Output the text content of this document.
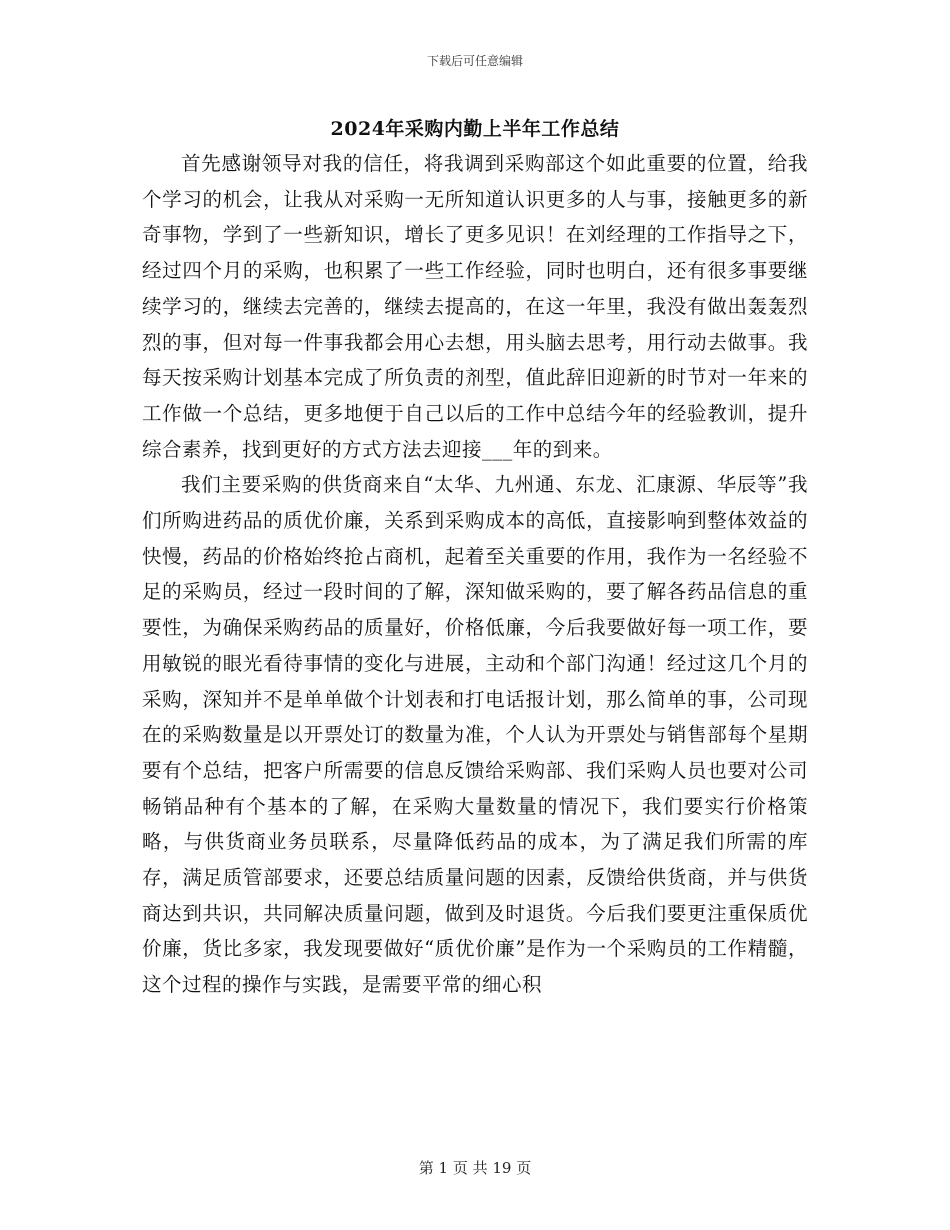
下载后可任意编辑
2024年采购内勤上半年工作总结

首先感谢领导对我的信任，将我调到采购部这个如此重要的位置，给我个学习的机会，让我从对采购一无所知道认识更多的人与事，接触更多的新奇事物，学到了一些新知识，增长了更多见识！在刘经理的工作指导之下，经过四个月的采购，也积累了一些工作经验，同时也明白，还有很多事要继续学习的，继续去完善的，继续去提高的，在这一年里，我没有做出轰轰烈烈的事，但对每一件事我都会用心去想，用头脑去思考，用行动去做事。我每天按采购计划基本完成了所负责的剂型，值此辞旧迎新的时节对一年来的工作做一个总结，更多地便于自己以后的工作中总结今年的经验教训，提升综合素养，找到更好的方式方法去迎接___年的到来。

我们主要采购的供货商来自“太华、九州通、东龙、汇康源、华辰等”我们所购进药品的质优价廉，关系到采购成本的高低，直接影响到整体效益的快慢，药品的价格始终抢占商机，起着至关重要的作用，我作为一名经验不足的采购员，经过一段时间的了解，深知做采购的，要了解各药品信息的重要性，为确保采购药品的质量好，价格低廉，今后我要做好每一项工作，要用敏锐的眼光看待事情的变化与进展，主动和个部门沟通！经过这几个月的采购，深知并不是单单做个计划表和打电话报计划，那么简单的事，公司现在的采购数量是以开票处订的数量为准，个人认为开票处与销售部每个星期要有个总结，把客户所需要的信息反馈给采购部、我们采购人员也要对公司畅销品种有个基本的了解，在采购大量数量的情况下，我们要实行价格策略，与供货商业务员联系，尽量降低药品的成本，为了满足我们所需的库存，满足质管部要求，还要总结质量问题的因素，反馈给供货商，并与供货商达到共识，共同解决质量问题，做到及时退货。今后我们要更注重保质优价廉，货比多家，我发现要做好“质优价廉”是作为一个采购员的工作精髓，这个过程的操作与实践，是需要平常的细心积

第 1 页 共 19 页
